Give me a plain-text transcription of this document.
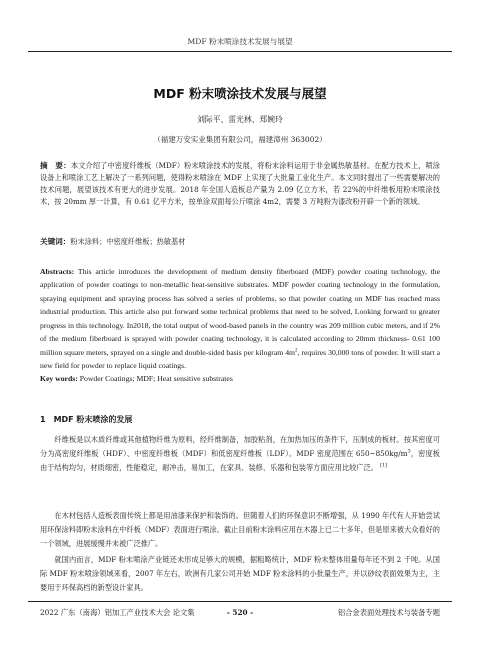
MDF 粉末喷涂技术发展与展望
MDF 粉末喷涂技术发展与展望
刘际平、雷光林、郑婉玲
（福建万安实业集团有限公司，福建漳州 363002）
摘　要：本文介绍了中密度纤维板（MDF）粉末喷涂技术的发展，将粉末涂料运用于非金属热敏基材。在配方技术上，喷涂设备上和喷涂工艺上解决了一系列问题，使得粉末喷涂在 MDF 上实现了大批量工业化生产。本文同时提出了一些需要解决的技术问题，展望该技术有更大的进步发展。2018 年全国人造板总产量为 2.09 亿立方米，若 22%的中纤维板用粉末喷涂技术，按 20mm 厚一计算，有 0.61 亿平方米，按单涂双面每公斤喷涂 4m2，需要 3 万吨粉为漆改粉开辟一个新的领域。
关键词：粉末涂料；中密度纤维板；热敏基材
Abstracts: This article introduces the development of medium density fiberboard (MDF) powder coating technology, the application of powder coatings to non-metallic heat-sensitive substrates. MDF powder coating technology in the formulation, spraying equipment and spraying process has solved a series of problems, so that powder coating on MDF has reached mass industrial production. This article also put forward some technical problems that need to be solved, Looking forward to greater progress in this technology. In2018, the total output of wood-based panels in the country was 209 million cubic meters, and if 2% of the medium fiberboard is sprayed with powder coating technology, it is calculated according to 20mm thickness- 0.61 100 million square meters, sprayed on a single and double-sided basis per kilogram $4m^2$, requires 30,000 tons of powder. It will start a new field for powder to replace liquid coatings.
Key words: Powder Coatings; MDF; Heat sensitive substrates
1 MDF 粉末喷涂的发展

纤维板是以木质纤维或其他植物纤维为原料，经纤维制备，加胶粘剂，在加热加压的条件下，压制成的板材。按其密度可分为高密度纤维板（HDF）、中密度纤维板（MDF）和低密度纤维板（LDF）。MDF 密度范围在 $650\sim 850kg/m^3$，密度板由于结构均匀，材质细密，性能稳定，耐冲击，易加工，在家具、装修、乐器和包装等方面应用比较广泛。 [1]

在木材包括人造板表面传统上都是用油漆来保护和装饰的。但随着人们的环保意识不断增强，从 1990 年代有人开始尝试用环保涂料即粉末涂料在中纤板（MDF）表面进行喷涂。截止目前粉末涂料应用在木器上已二十多年，但是原来被大众看好的一个领域，进展缓慢并未被广泛推广。

就国内而言，MDF 粉末喷涂产业链还未形成足够大的规模，据粗略统计，MDF 粉末整体用量每年还不到 2 千吨。从国际 MDF 粉末喷涂领域来看，2007 年左右，欧洲有几家公司开始 MDF 粉末涂料的小批量生产，并以砂纹表面效果为主，主要用于环保高档的新型设计家具。

2022 广东（南海）铝加工产业技术大会 论文集	- 520 -	铝合金表面处理技术与装备专题
